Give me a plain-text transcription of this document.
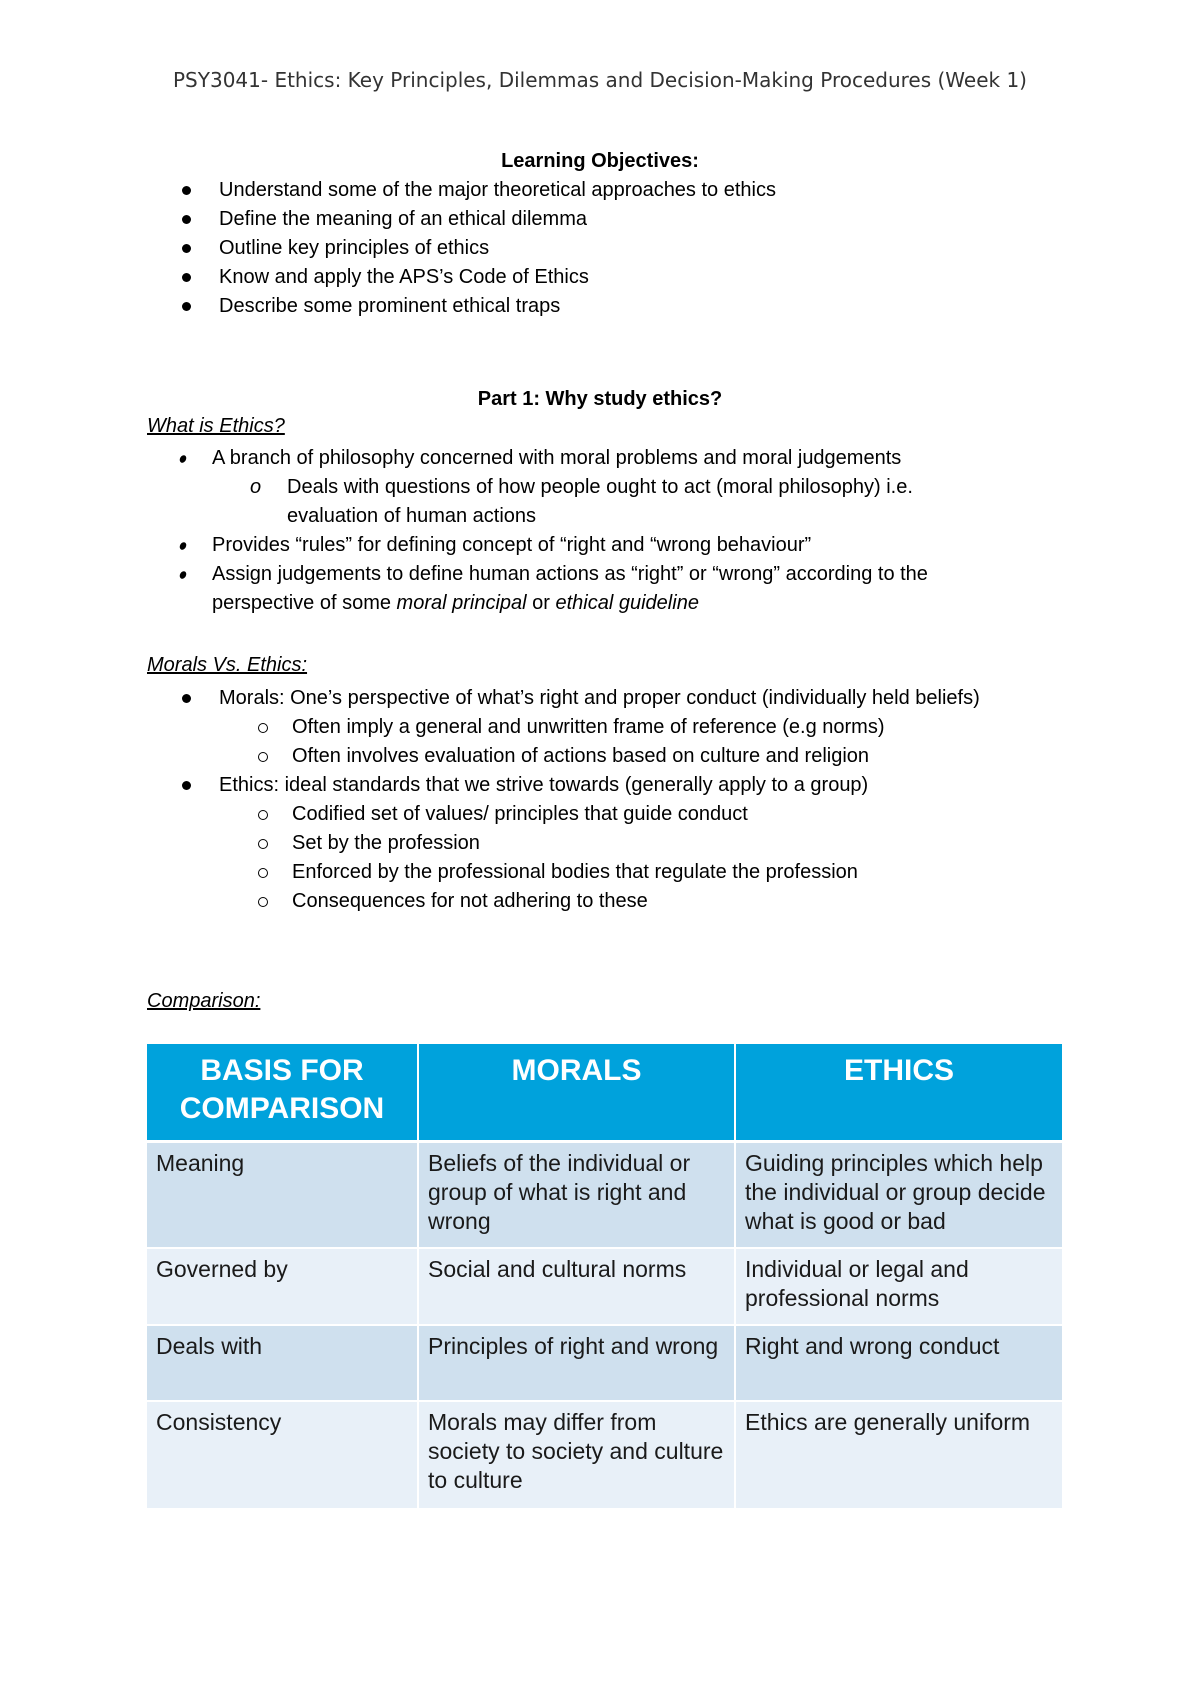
PSY3041- Ethics: Key Principles, Dilemmas and Decision-Making Procedures (Week 1)
Learning Objectives:
Understand some of the major theoretical approaches to ethics
Define the meaning of an ethical dilemma
Outline key principles of ethics
Know and apply the APS’s Code of Ethics
Describe some prominent ethical traps
Part 1: Why study ethics?
What is Ethics?
A branch of philosophy concerned with moral problems and moral judgements
o Deals with questions of how people ought to act (moral philosophy) i.e. evaluation of human actions
Provides “rules” for defining concept of “right and “wrong behaviour”
Assign judgements to define human actions as “right” or “wrong” according to the perspective of some moral principal or ethical guideline
Morals Vs. Ethics:
Morals: One’s perspective of what’s right and proper conduct (individually held beliefs)
Often imply a general and unwritten frame of reference (e.g norms)
Often involves evaluation of actions based on culture and religion
Ethics: ideal standards that we strive towards (generally apply to a group)
Codified set of values/ principles that guide conduct
Set by the profession
Enforced by the professional bodies that regulate the profession
Consequences for not adhering to these
Comparison:
BASIS FOR COMPARISON	MORALS	ETHICS
Meaning	Beliefs of the individual or group of what is right and wrong	Guiding principles which help the individual or group decide what is good or bad
Governed by	Social and cultural norms	Individual or legal and professional norms
Deals with	Principles of right and wrong	Right and wrong conduct
Consistency	Morals may differ from society to society and culture to culture	Ethics are generally uniform
